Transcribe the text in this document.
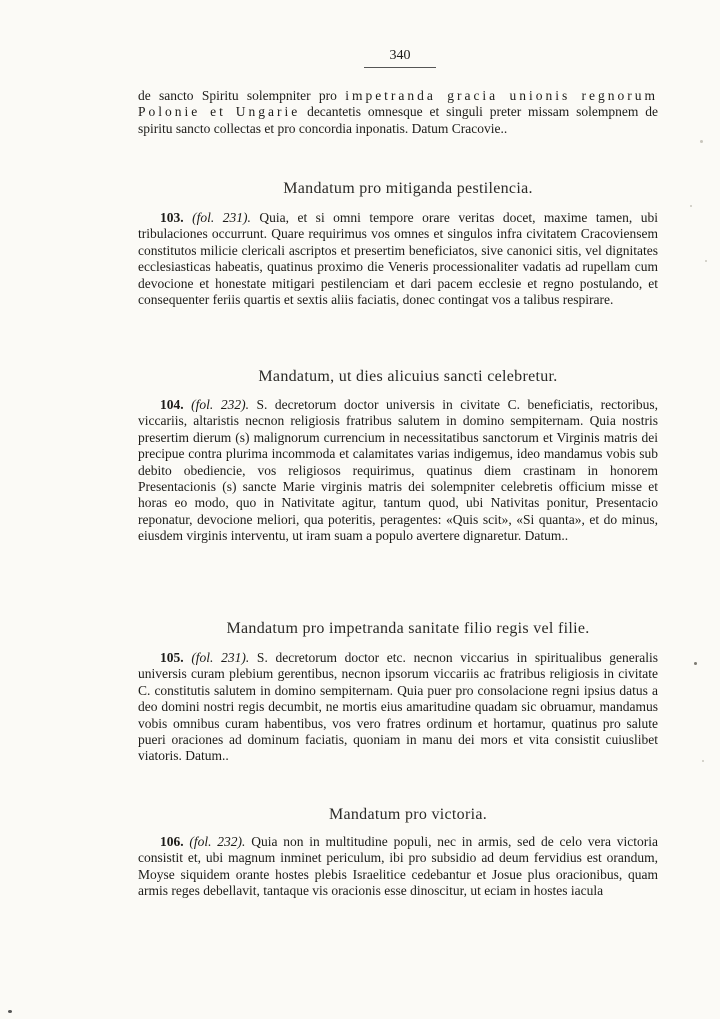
340
de sancto Spiritu solempniter pro impetranda gracia unionis regnorum Polonie et Ungarie decantetis omnesque et singuli preter missam solempnem de spiritu sancto collectas et pro concordia inponatis. Datum Cracovie..
Mandatum pro mitiganda pestilencia.
103. (fol. 231). Quia, et si omni tempore orare veritas docet, maxime tamen, ubi tribulaciones occurrunt. Quare requirimus vos omnes et singulos infra civitatem Cracoviensem constitutos milicie clericali ascriptos et presertim beneficiatos, sive canonici sitis, vel dignitates ecclesiasticas habeatis, quatinus proximo die Veneris processionaliter vadatis ad rupellam cum devocione et honestate mitigari pestilenciam et dari pacem ecclesie et regno postulando, et consequenter feriis quartis et sextis aliis faciatis, donec contingat vos a talibus respirare.
Mandatum, ut dies alicuius sancti celebretur.
104. (fol. 232). S. decretorum doctor universis in civitate C. beneficiatis, rectoribus, viccariis, altaristis necnon religiosis fratribus salutem in domino sempiternam. Quia nostris presertim dierum (s) malignorum currencium in necessitatibus sanctorum et Virginis matris dei precipue contra plurima incommoda et calamitates varias indigemus, ideo mandamus vobis sub debito obediencie, vos religiosos requirimus, quatinus diem crastinam in honorem Presentacionis (s) sancte Marie virginis matris dei solempniter celebretis officium misse et horas eo modo, quo in Nativitate agitur, tantum quod, ubi Nativitas ponitur, Presentacio reponatur, devocione meliori, qua poteritis, peragentes: «Quis scit», «Si quanta», et do minus, eiusdem virginis interventu, ut iram suam a populo avertere dignaretur. Datum..
Mandatum pro impetranda sanitate filio regis vel filie.
105. (fol. 231). S. decretorum doctor etc. necnon viccarius in spiritualibus generalis universis curam plebium gerentibus, necnon ipsorum viccariis ac fratribus religiosis in civitate C. constitutis salutem in domino sempiternam. Quia puer pro consolacione regni ipsius datus a deo domini nostri regis decumbit, ne mortis eius amaritudine quadam sic obruamur, mandamus vobis omnibus curam habentibus, vos vero fratres ordinum et hortamur, quatinus pro salute pueri oraciones ad dominum faciatis, quoniam in manu dei mors et vita consistit cuiuslibet viatoris. Datum..
Mandatum pro victoria.
106. (fol. 232). Quia non in multitudine populi, nec in armis, sed de celo vera victoria consistit et, ubi magnum inminet periculum, ibi pro subsidio ad deum fervidius est orandum, Moyse siquidem orante hostes plebis Israelitice cedebantur et Josue plus oracionibus, quam armis reges debellavit, tantaque vis oracionis esse dinoscitur, ut eciam in hostes iacula
